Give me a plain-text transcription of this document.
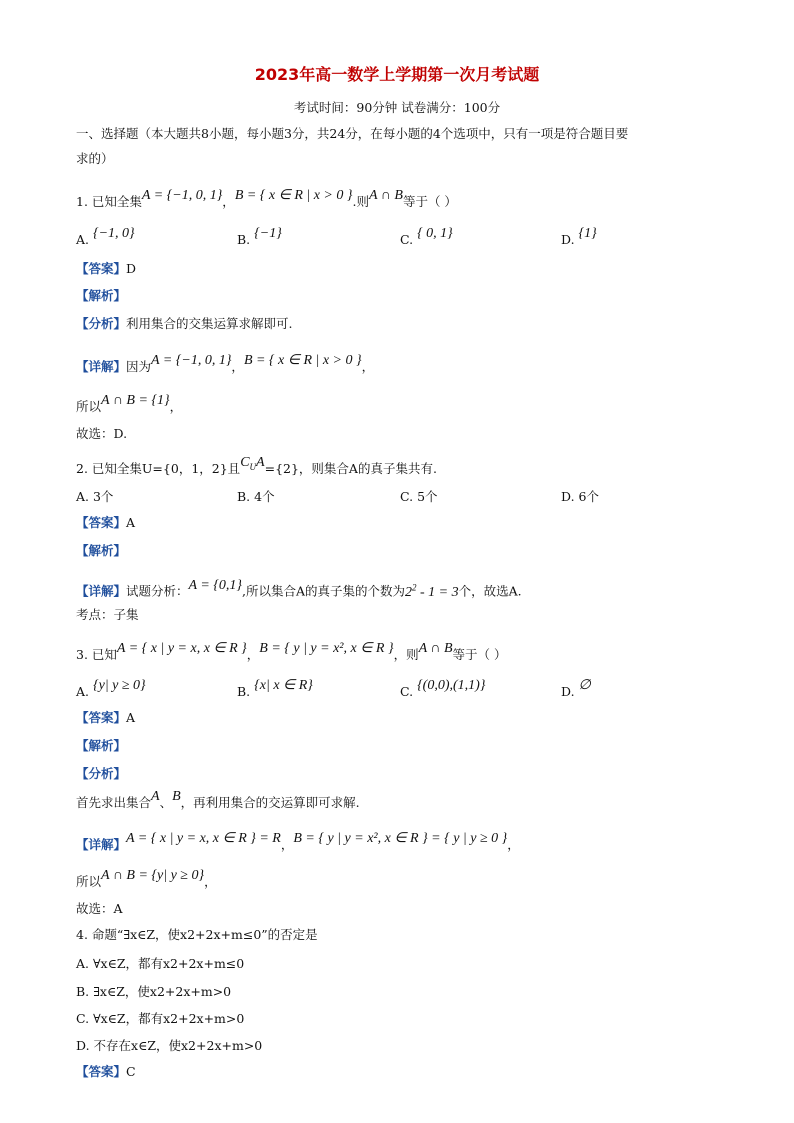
2023年高一数学上学期第一次月考试题
考试时间：90分钟 试卷满分：100分
一、选择题（本大题共8小题，每小题3分，共24分，在每小题的4个选项中，只有一项是符合题目要
求的）
1. 已知全集A = {−1, 0, 1}，B = { x ∈ R | x > 0 }.则A ∩ B等于（ ）
A. {−1, 0}	B. {−1}	C. { 0, 1}	D. {1}
【答案】D
【解析】
【分析】利用集合的交集运算求解即可.
【详解】因为A = {−1, 0, 1}，B = { x ∈ R | x > 0 }，
所以A ∩ B = {1}，
故选：D.
2. 已知全集U={0，1，2}且$C_UA=\{2\}$，则集合A的真子集共有.
A. 3个	B. 4个	C. 5个	D. 6个
【答案】A
【解析】
【详解】试题分析：A = {0,1},所以集合A的真子集的个数为$2^2 - 1 = 3$个，故选A.
考点：子集
3. 已知A = { x | y = x, x ∈ R }，B = { y | y = x², x ∈ R }，则A ∩ B等于（ ）
A. {y| y ≥ 0}	B. {x| x ∈ R}	C. {(0,0),(1,1)}	D. ∅
【答案】A
【解析】
【分析】
首先求出集合A、B，再利用集合的交运算即可求解.
【详解】A = { x | y = x, x ∈ R } = R，B = { y | y = x², x ∈ R } = { y | y ≥ 0 }，
所以A ∩ B = {y| y ≥ 0}，
故选：A
4. 命题“∃x∈Z，使x2+2x+m≤0”的否定是
A. ∀x∈Z，都有x2+2x+m≤0
B. ∃x∈Z，使x2+2x+m>0
C. ∀x∈Z，都有x2+2x+m>0
D. 不存在x∈Z，使x2+2x+m>0
【答案】C
